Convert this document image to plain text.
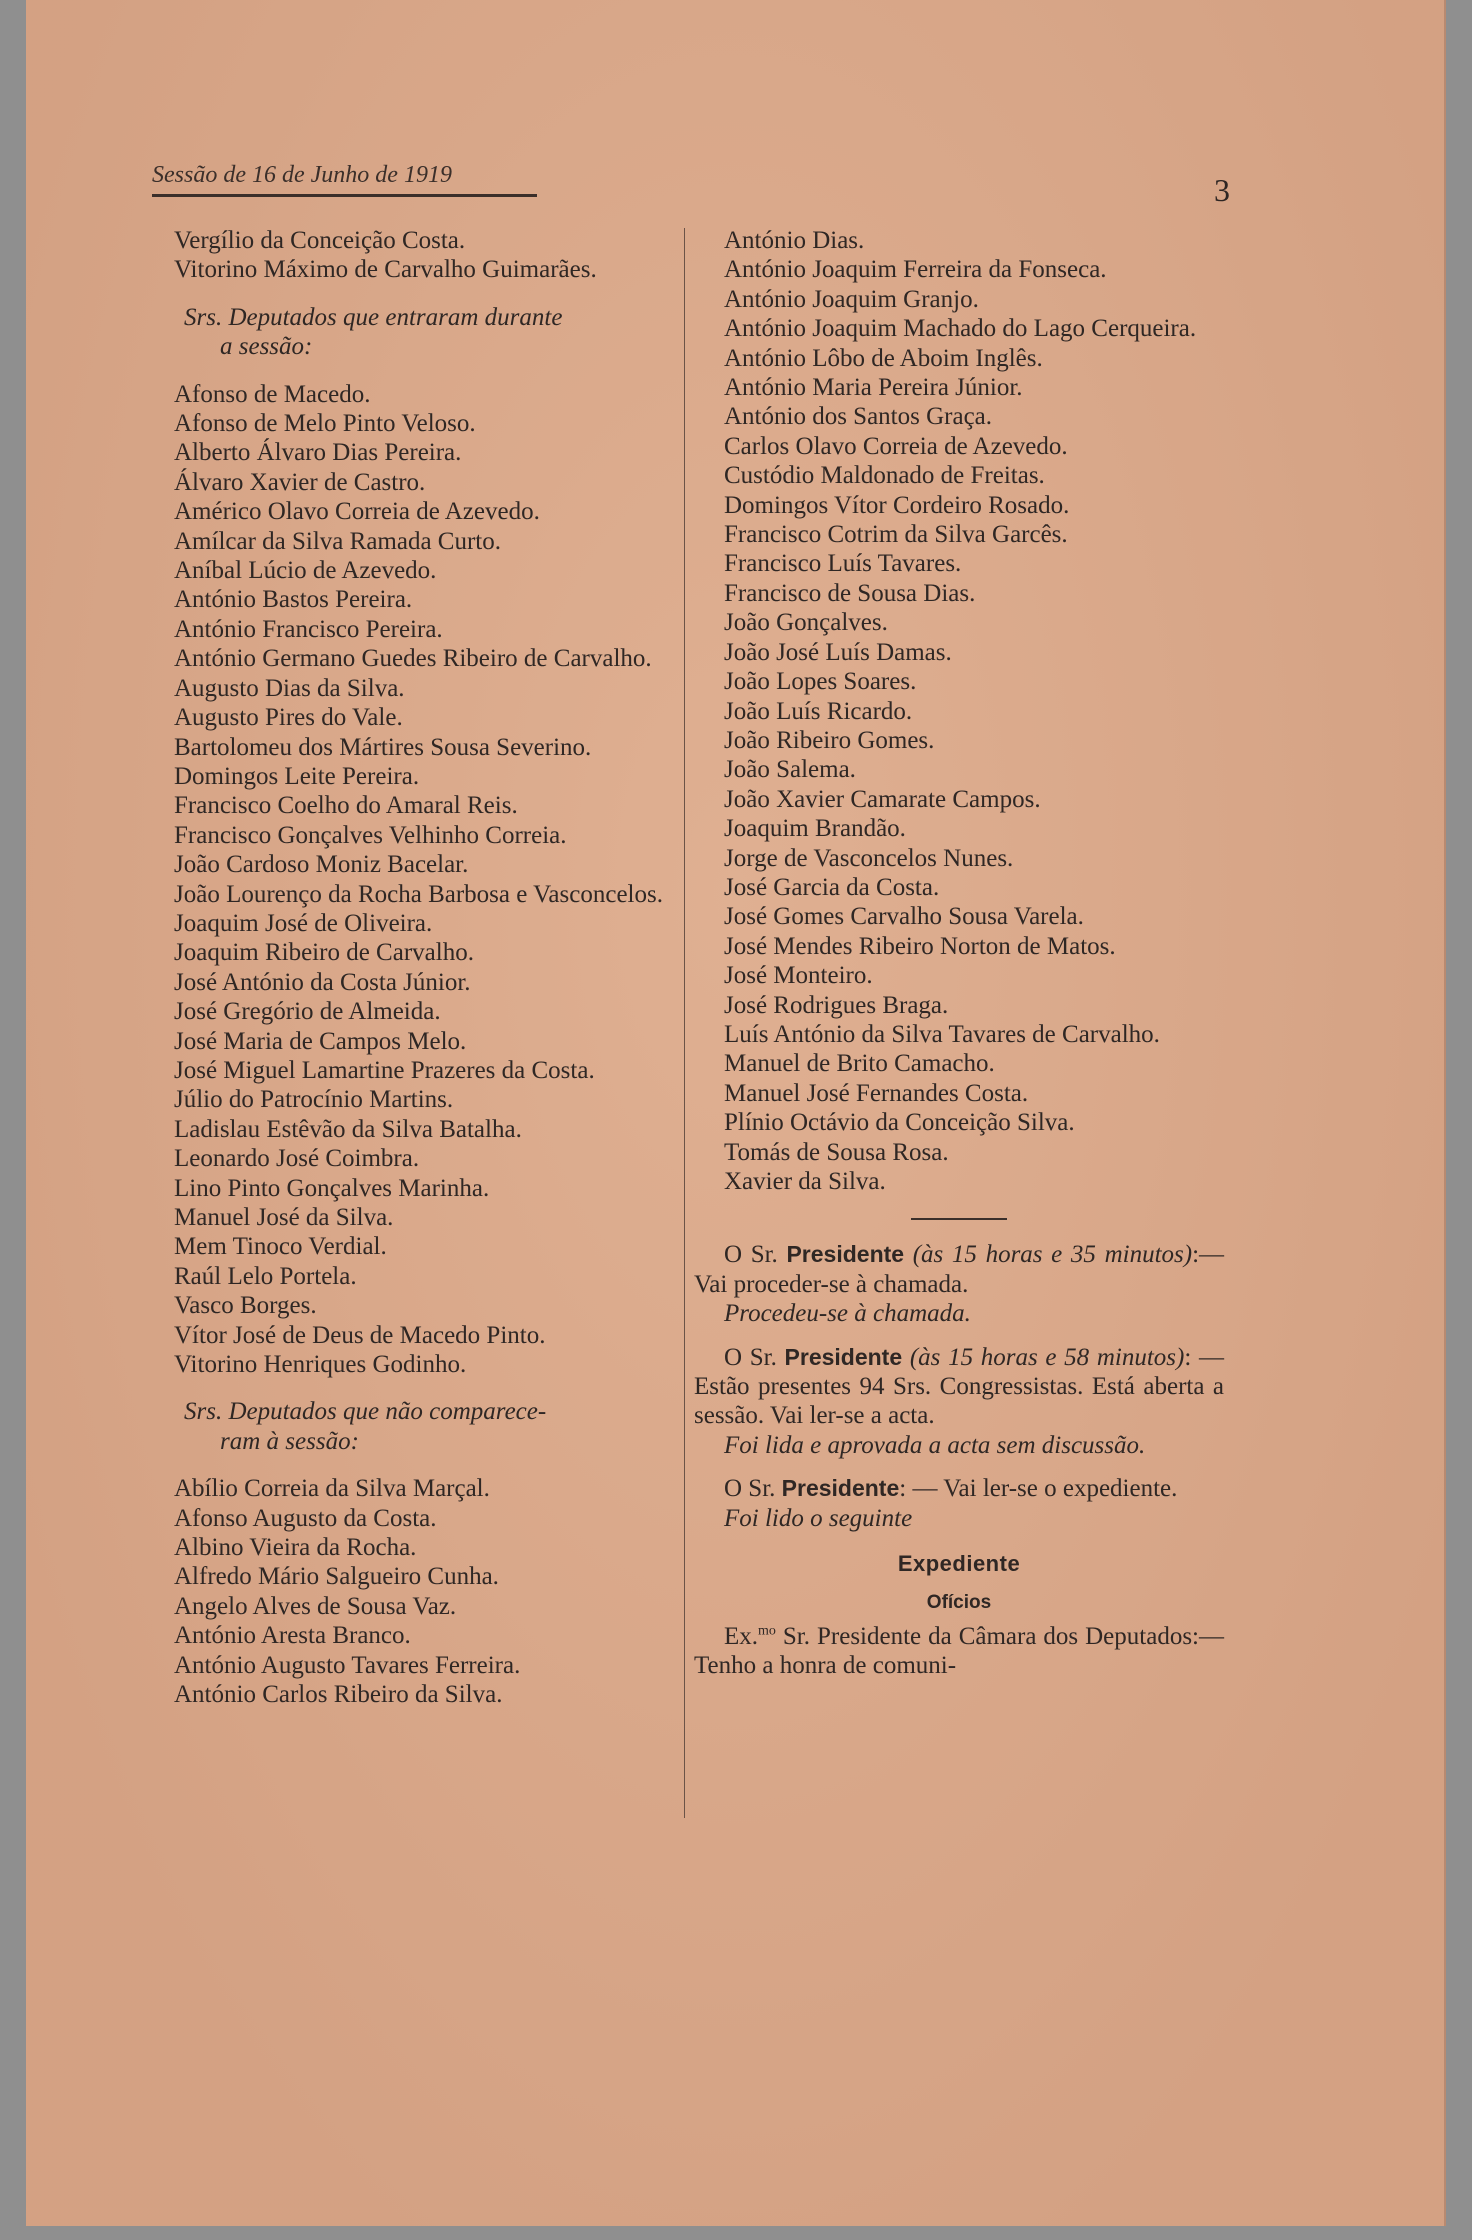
Sessão de 16 de Junho de 1919	3
Vergílio da Conceição Costa.
Vitorino Máximo de Carvalho Guimarães.
Srs. Deputados que entraram durante
a sessão:
Afonso de Macedo.
Afonso de Melo Pinto Veloso.
Alberto Álvaro Dias Pereira.
Álvaro Xavier de Castro.
Américo Olavo Correia de Azevedo.
Amílcar da Silva Ramada Curto.
Aníbal Lúcio de Azevedo.
António Bastos Pereira.
António Francisco Pereira.
António Germano Guedes Ribeiro de Carvalho.
Augusto Dias da Silva.
Augusto Pires do Vale.
Bartolomeu dos Mártires Sousa Severino.
Domingos Leite Pereira.
Francisco Coelho do Amaral Reis.
Francisco Gonçalves Velhinho Correia.
João Cardoso Moniz Bacelar.
João Lourenço da Rocha Barbosa e Vasconcelos.
Joaquim José de Oliveira.
Joaquim Ribeiro de Carvalho.
José António da Costa Júnior.
José Gregório de Almeida.
José Maria de Campos Melo.
José Miguel Lamartine Prazeres da Costa.
Júlio do Patrocínio Martins.
Ladislau Estêvão da Silva Batalha.
Leonardo José Coimbra.
Lino Pinto Gonçalves Marinha.
Manuel José da Silva.
Mem Tinoco Verdial.
Raúl Lelo Portela.
Vasco Borges.
Vítor José de Deus de Macedo Pinto.
Vitorino Henriques Godinho.
Srs. Deputados que não comparece-
ram à sessão:
Abílio Correia da Silva Marçal.
Afonso Augusto da Costa.
Albino Vieira da Rocha.
Alfredo Mário Salgueiro Cunha.
Angelo Alves de Sousa Vaz.
António Aresta Branco.
António Augusto Tavares Ferreira.
António Carlos Ribeiro da Silva.
António Dias.
António Joaquim Ferreira da Fonseca.
António Joaquim Granjo.
António Joaquim Machado do Lago Cerqueira.
António Lôbo de Aboim Inglês.
António Maria Pereira Júnior.
António dos Santos Graça.
Carlos Olavo Correia de Azevedo.
Custódio Maldonado de Freitas.
Domingos Vítor Cordeiro Rosado.
Francisco Cotrim da Silva Garcês.
Francisco Luís Tavares.
Francisco de Sousa Dias.
João Gonçalves.
João José Luís Damas.
João Lopes Soares.
João Luís Ricardo.
João Ribeiro Gomes.
João Salema.
João Xavier Camarate Campos.
Joaquim Brandão.
Jorge de Vasconcelos Nunes.
José Garcia da Costa.
José Gomes Carvalho Sousa Varela.
José Mendes Ribeiro Norton de Matos.
José Monteiro.
José Rodrigues Braga.
Luís António da Silva Tavares de Carvalho.
Manuel de Brito Camacho.
Manuel José Fernandes Costa.
Plínio Octávio da Conceição Silva.
Tomás de Sousa Rosa.
Xavier da Silva.
O Sr. Presidente (às 15 horas e 35 minutos):—Vai proceder-se à chamada.
Procedeu-se à chamada.
O Sr. Presidente (às 15 horas e 58 minutos): — Estão presentes 94 Srs. Congressistas. Está aberta a sessão. Vai ler-se a acta.
Foi lida e aprovada a acta sem discussão.
O Sr. Presidente: — Vai ler-se o expediente.
Foi lido o seguinte
Expediente
Ofícios
Ex.$^{mo}$ Sr. Presidente da Câmara dos Deputados:— Tenho a honra de comuni-
